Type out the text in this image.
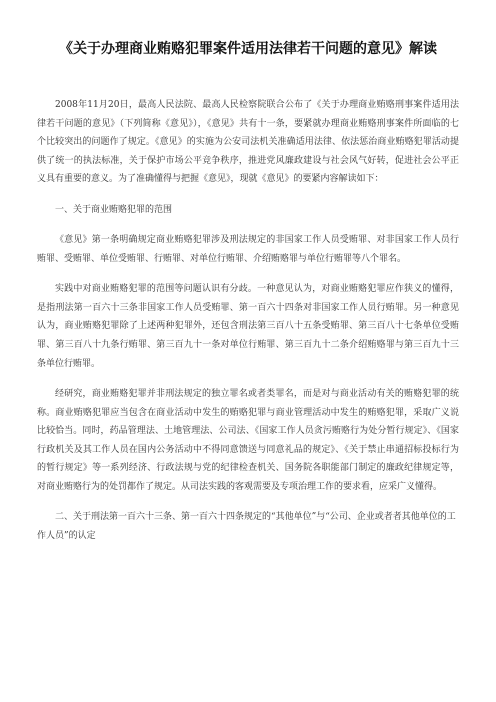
《关于办理商业贿赂犯罪案件适用法律若干问题的意见》解读

2008年11月20日，最高人民法院、最高人民检察院联合公布了《关于办理商业贿赂刑事案件适用法律若干问题的意见》（下列简称《意见》），《意见》共有十一条，要紧就办理商业贿赂刑事案件所面临的七个比较突出的问题作了规定。《意见》的实施为公安司法机关准确适用法律、依法惩治商业贿赂犯罪活动提供了统一的执法标准，关于保护市场公平竞争秩序，推进党风廉政建设与社会风气好转，促进社会公平正义具有重要的意义。为了准确懂得与把握《意见》，现就《意见》的要紧内容解读如下：

一、关于商业贿赂犯罪的范围

《意见》第一条明确规定商业贿赂犯罪涉及刑法规定的非国家工作人员受贿罪、对非国家工作人员行贿罪、受贿罪、单位受贿罪、行贿罪、对单位行贿罪、介绍贿赂罪与单位行贿罪等八个罪名。

实践中对商业贿赂犯罪的范围等问题认识有分歧。一种意见认为，对商业贿赂犯罪应作狭义的懂得，是指刑法第一百六十三条非国家工作人员受贿罪、第一百六十四条对非国家工作人员行贿罪。另一种意见认为，商业贿赂犯罪除了上述两种犯罪外，还包含刑法第三百八十五条受贿罪、第三百八十七条单位受贿罪、第三百八十九条行贿罪、第三百九十一条对单位行贿罪、第三百九十二条介绍贿赂罪与第三百九十三条单位行贿罪。

经研究，商业贿赂犯罪并非刑法规定的独立罪名或者类罪名，而是对与商业活动有关的贿赂犯罪的统称。商业贿赂犯罪应当包含在商业活动中发生的贿赂犯罪与商业管理活动中发生的贿赂犯罪，采取广义说比较恰当。同时，药品管理法、土地管理法、公司法、《国家工作人员贪污贿赂行为处分暂行规定》、《国家行政机关及其工作人员在国内公务活动中不得同意馈送与同意礼品的规定》、《关于禁止串通招标投标行为的暂行规定》等一系列经济、行政法规与党的纪律检查机关、国务院各职能部门制定的廉政纪律规定等，对商业贿赂行为的处罚都作了规定。从司法实践的客观需要及专项治理工作的要求看，应采广义懂得。

二、关于刑法第一百六十三条、第一百六十四条规定的“其他单位”与“公司、企业或者者其他单位的工作人员”的认定
